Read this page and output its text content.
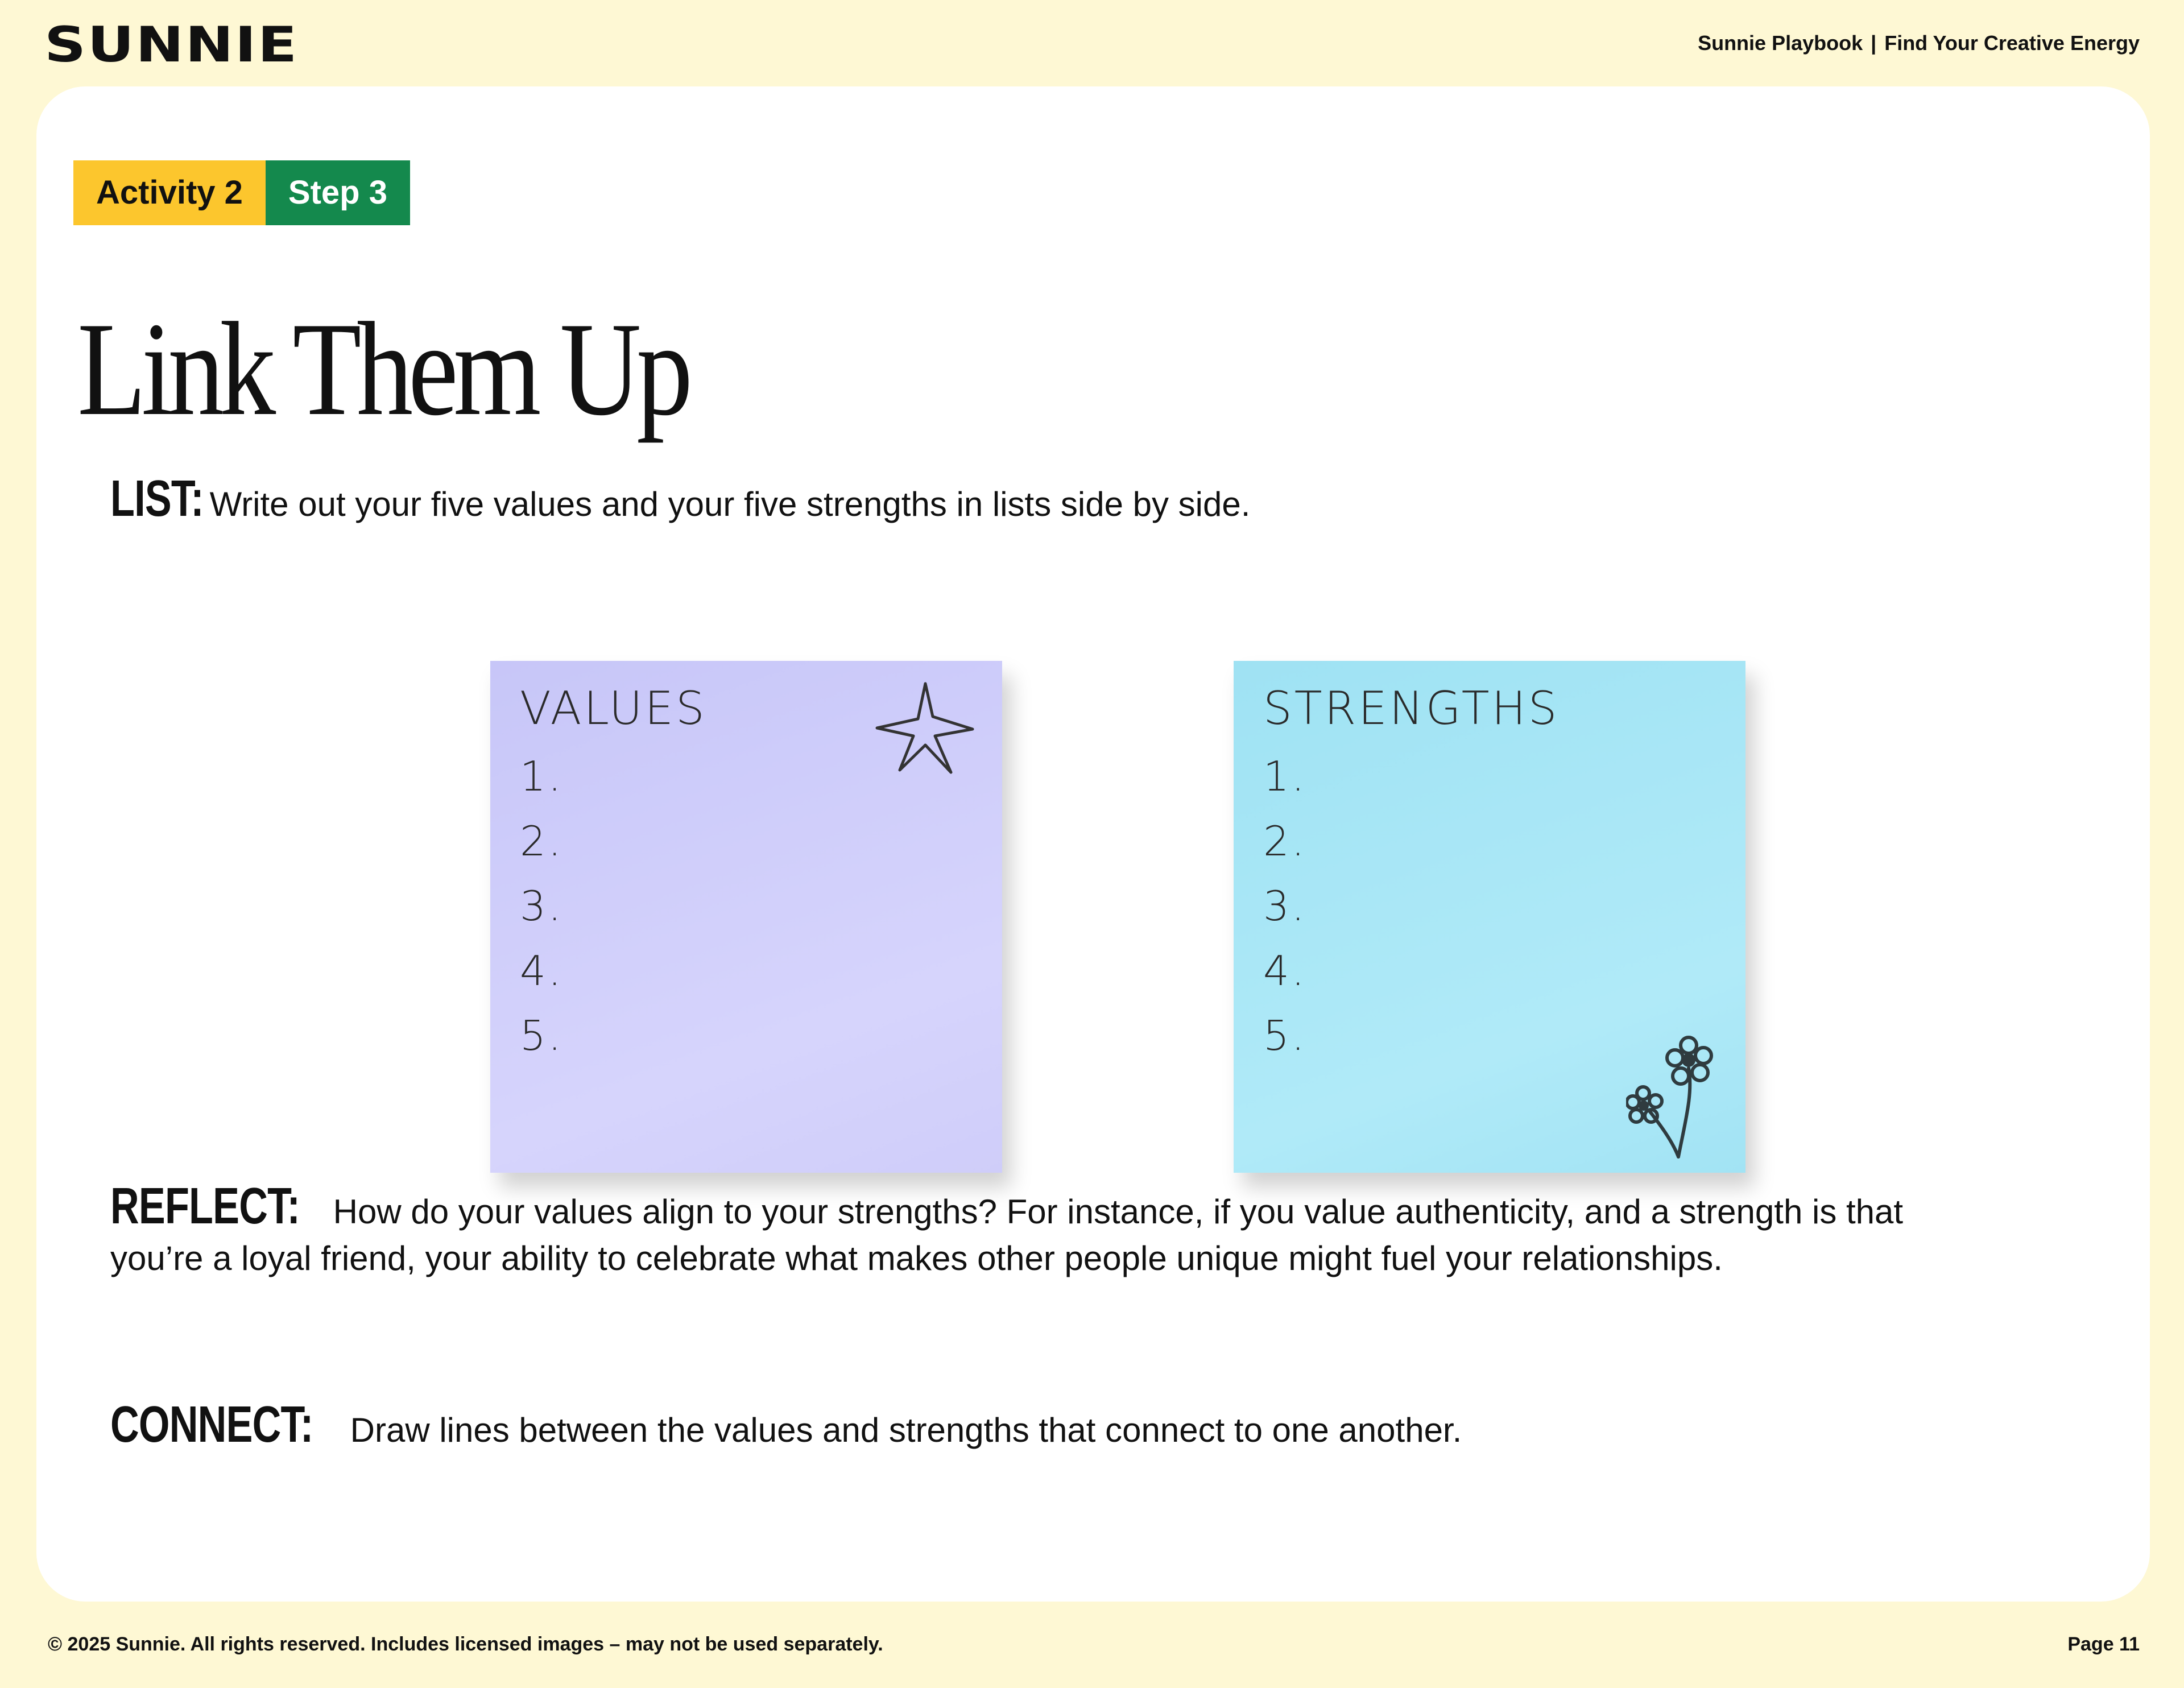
SUNNIE	Sunnie Playbook | Find Your Creative Energy
Activity 2	Step 3
Link Them Up
LIST: Write out your five values and your five strengths in lists side by side.
VALUES
1.
2.
3.
4.
5.
STRENGTHS
1.
2.
3.
4.
5.
REFLECT: How do your values align to your strengths? For instance, if you value authenticity, and a strength is that you’re a loyal friend, your ability to celebrate what makes other people unique might fuel your relationships.
CONNECT: Draw lines between the values and strengths that connect to one another.
© 2025 Sunnie. All rights reserved. Includes licensed images – may not be used separately.	Page 11
